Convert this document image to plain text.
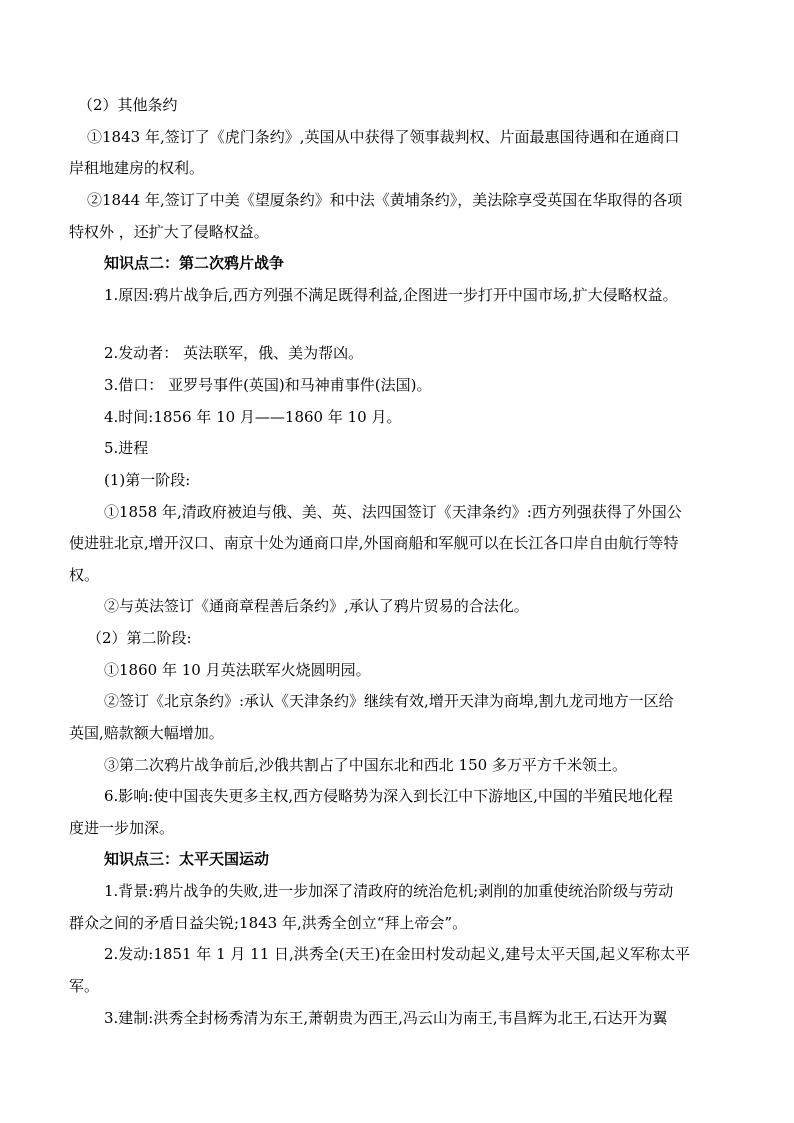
（2）其他条约
①1843 年,签订了《虎门条约》,英国从中获得了领事裁判权、片面最惠国待遇和在通商口
岸租地建房的权利。
②1844 年,签订了中美《望厦条约》和中法《黄埔条约》，美法除享受英国在华取得的各项
特权外 ，还扩大了侵略权益。
知识点二：第二次鸦片战争
1.原因:鸦片战争后,西方列强不满足既得利益,企图进一步打开中国市场,扩大侵略权益。
2.发动者： 英法联军，俄、美为帮凶。
3.借口： 亚罗号事件(英国)和马神甫事件(法国)。
4.时间:1856 年 10 月——1860 年 10 月。
5.进程
(1)第一阶段:
①1858 年,清政府被迫与俄、美、英、法四国签订《天津条约》:西方列强获得了外国公
使进驻北京,增开汉口、南京十处为通商口岸,外国商船和军舰可以在长江各口岸自由航行等特
权。
②与英法签订《通商章程善后条约》,承认了鸦片贸易的合法化。
（2）第二阶段:
①1860 年 10 月英法联军火烧圆明园。
②签订《北京条约》:承认《天津条约》继续有效,增开天津为商埠,割九龙司地方一区给
英国,赔款额大幅增加。
③第二次鸦片战争前后,沙俄共割占了中国东北和西北 150 多万平方千米领土。
6.影响:使中国丧失更多主权,西方侵略势为深入到长江中下游地区,中国的半殖民地化程
度进一步加深。
知识点三：太平天国运动
1.背景:鸦片战争的失败,进一步加深了清政府的统治危机;剥削的加重使统治阶级与劳动
群众之间的矛盾日益尖锐;1843 年,洪秀全创立“拜上帝会”。
2.发动:1851 年 1 月 11 日,洪秀全(天王)在金田村发动起义,建号太平天国,起义军称太平
军。
3.建制:洪秀全封杨秀清为东王,萧朝贵为西王,冯云山为南王,韦昌辉为北王,石达开为翼
